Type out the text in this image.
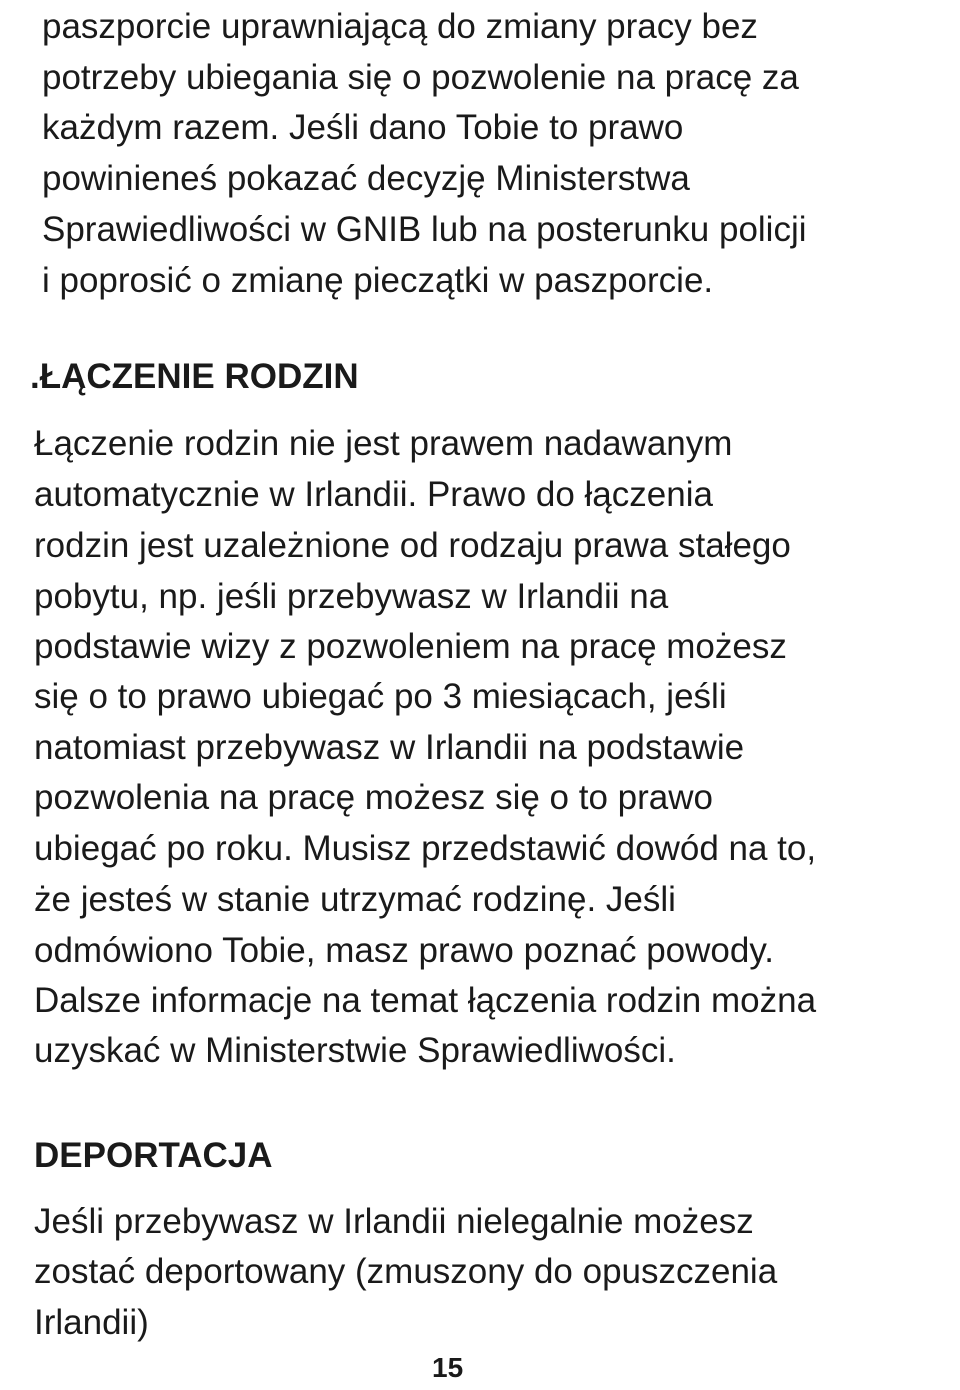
paszporcie uprawniającą do zmiany pracy bez

potrzeby ubiegania się o pozwolenie na pracę za

każdym razem. Jeśli dano Tobie to prawo

powinieneś pokazać decyzję Ministerstwa

Sprawiedliwości w GNIB lub na posterunku policji

i poprosić o zmianę pieczątki w paszporcie.

.ŁĄCZENIE RODZIN

Łączenie rodzin nie jest prawem nadawanym

automatycznie w Irlandii. Prawo do łączenia

rodzin jest uzależnione od rodzaju prawa stałego

pobytu, np. jeśli przebywasz w Irlandii na

podstawie wizy z pozwoleniem na pracę możesz

się o to prawo ubiegać po 3 miesiącach, jeśli

natomiast przebywasz w Irlandii na podstawie

pozwolenia na pracę możesz się o to prawo

ubiegać po roku. Musisz przedstawić dowód na to,

że jesteś w stanie utrzymać rodzinę. Jeśli

odmówiono Tobie, masz prawo poznać powody.

Dalsze informacje na temat łączenia rodzin można

uzyskać w Ministerstwie Sprawiedliwości.

DEPORTACJA

Jeśli przebywasz w Irlandii nielegalnie możesz

zostać deportowany (zmuszony do opuszczenia

Irlandii)

15
